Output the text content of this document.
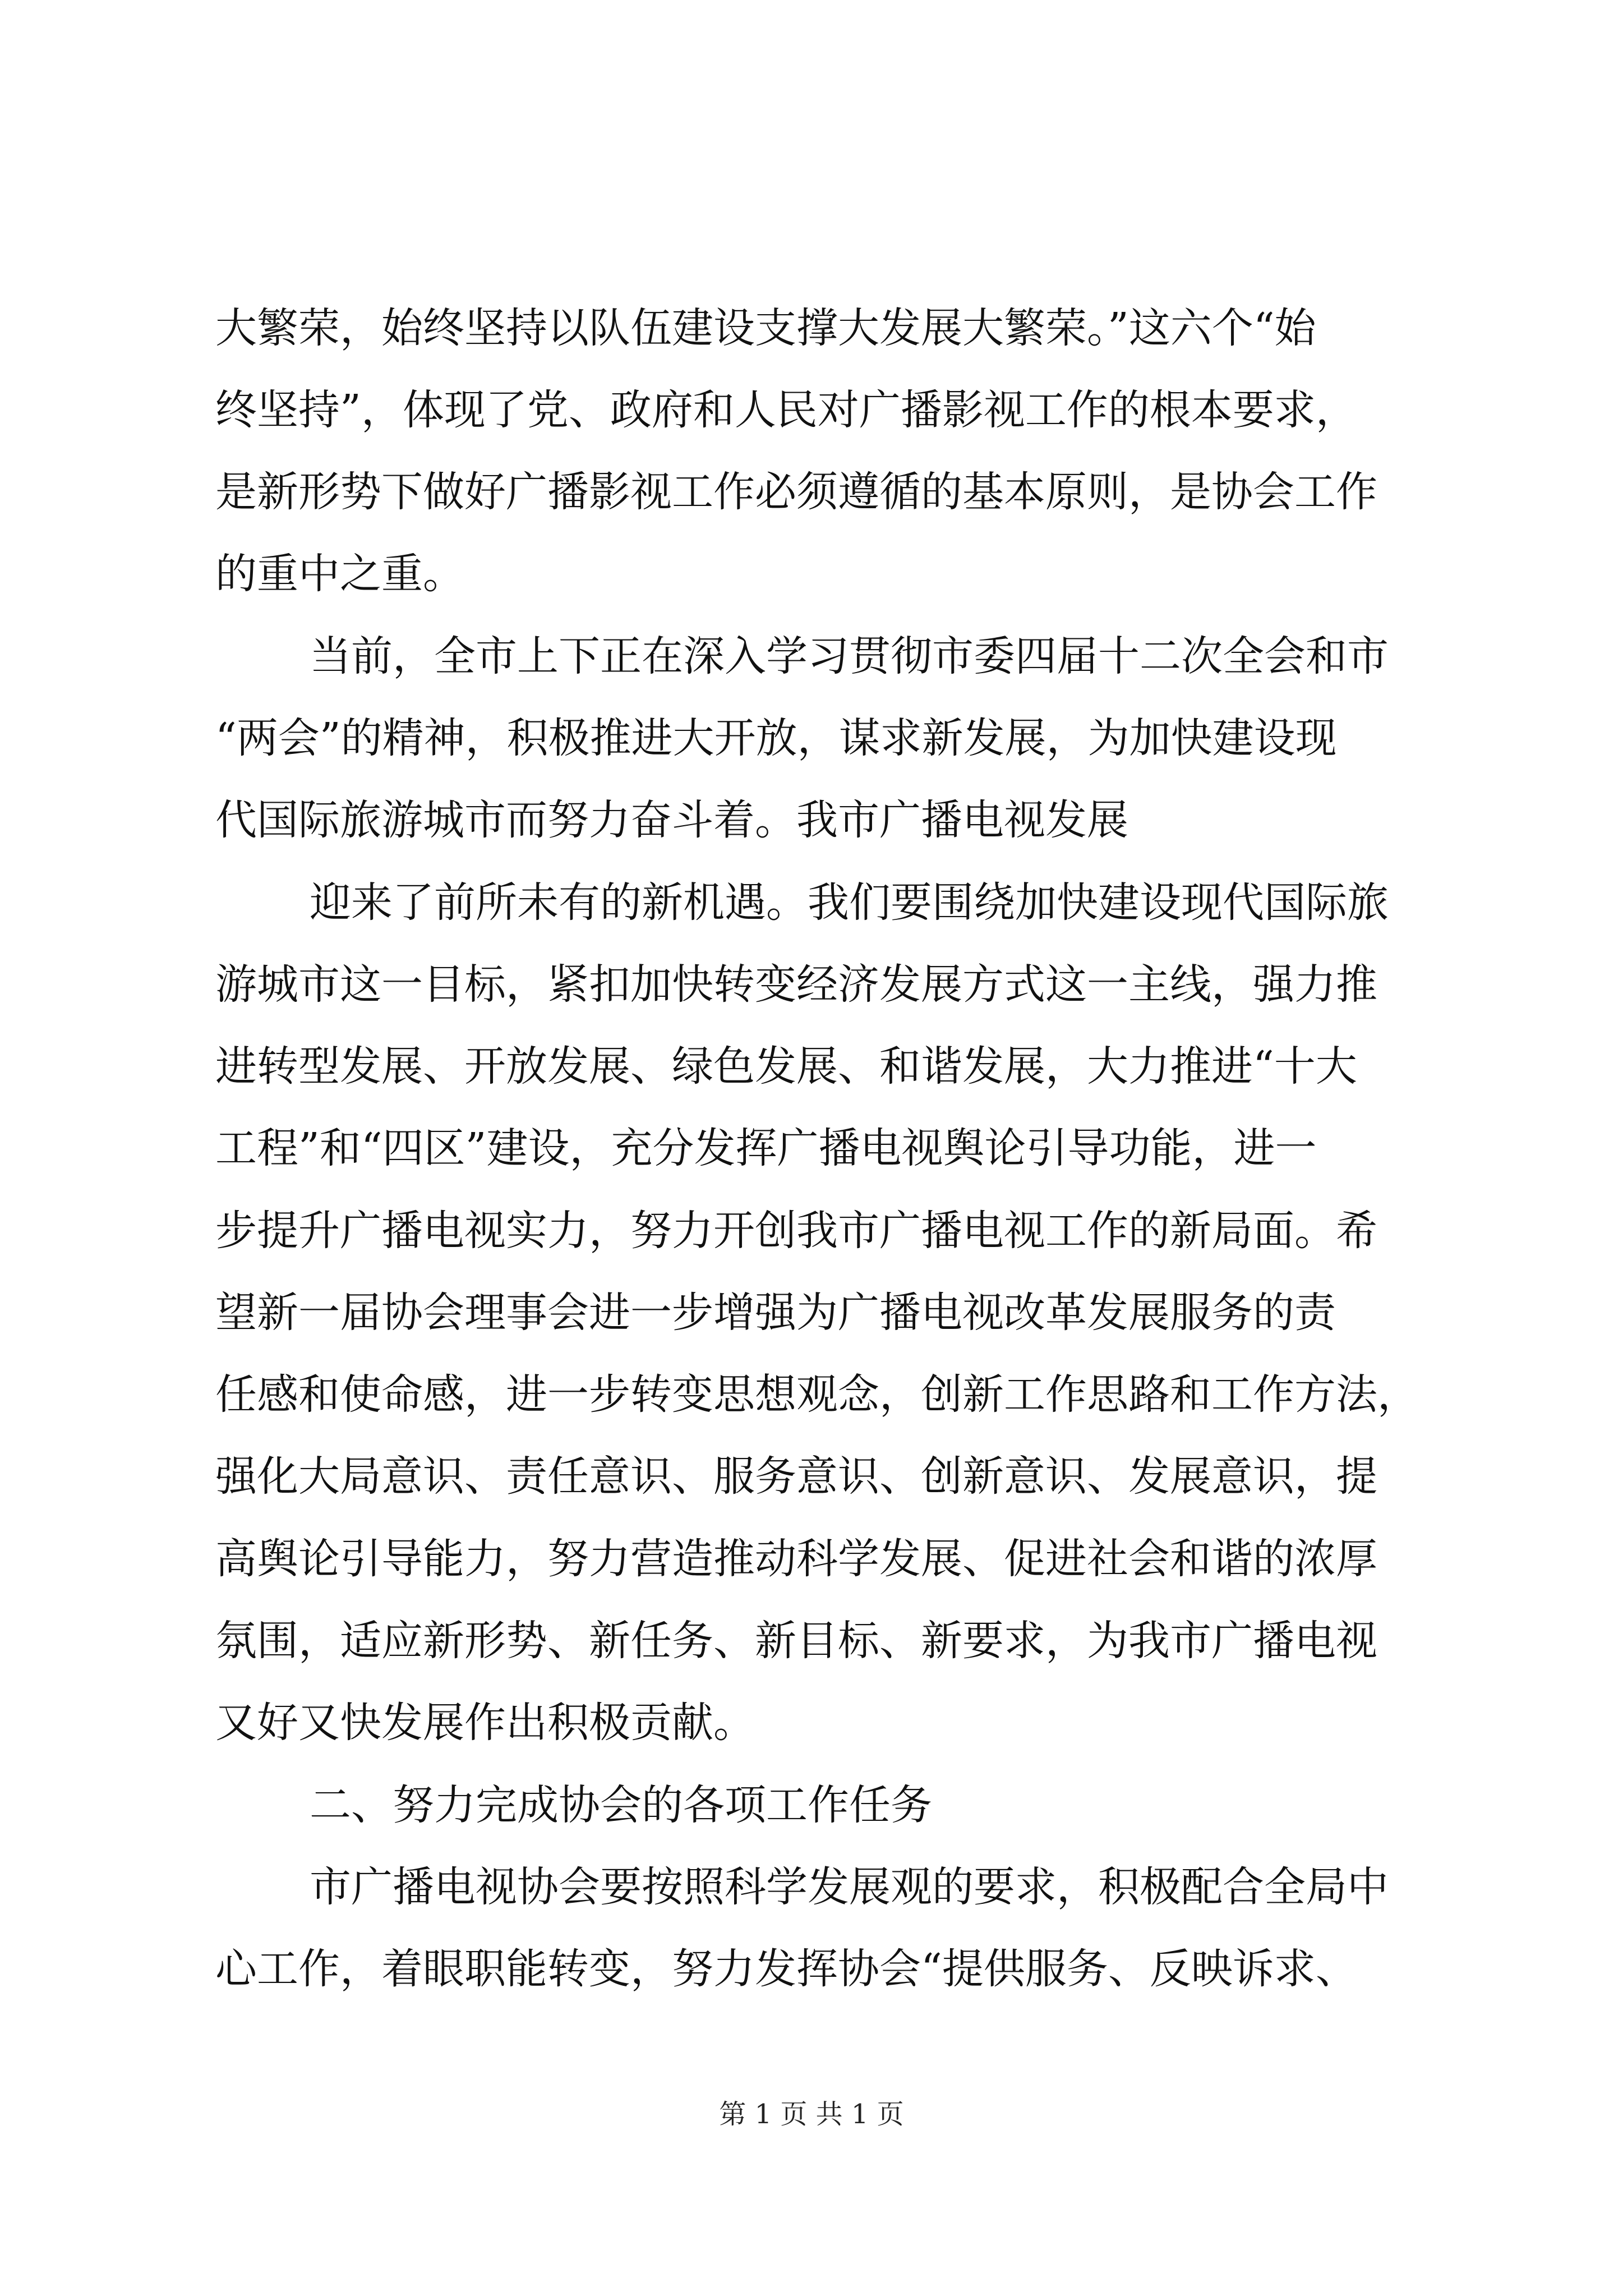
大繁荣，始终坚持以队伍建设支撑大发展大繁荣。”这六个“始
终坚持”，体现了党、政府和人民对广播影视工作的根本要求，
是新形势下做好广播影视工作必须遵循的基本原则，是协会工作
的重中之重。
当前，全市上下正在深入学习贯彻市委四届十二次全会和市
“两会”的精神，积极推进大开放，谋求新发展，为加快建设现
代国际旅游城市而努力奋斗着。我市广播电视发展
迎来了前所未有的新机遇。我们要围绕加快建设现代国际旅
游城市这一目标，紧扣加快转变经济发展方式这一主线，强力推
进转型发展、开放发展、绿色发展、和谐发展，大力推进“十大
工程”和“四区”建设，充分发挥广播电视舆论引导功能，进一
步提升广播电视实力，努力开创我市广播电视工作的新局面。希
望新一届协会理事会进一步增强为广播电视改革发展服务的责
任感和使命感，进一步转变思想观念，创新工作思路和工作方法，
强化大局意识、责任意识、服务意识、创新意识、发展意识，提
高舆论引导能力，努力营造推动科学发展、促进社会和谐的浓厚
氛围，适应新形势、新任务、新目标、新要求，为我市广播电视
又好又快发展作出积极贡献。
二、努力完成协会的各项工作任务
市广播电视协会要按照科学发展观的要求，积极配合全局中
心工作，着眼职能转变，努力发挥协会“提供服务、反映诉求、
第 1 页 共 1 页
